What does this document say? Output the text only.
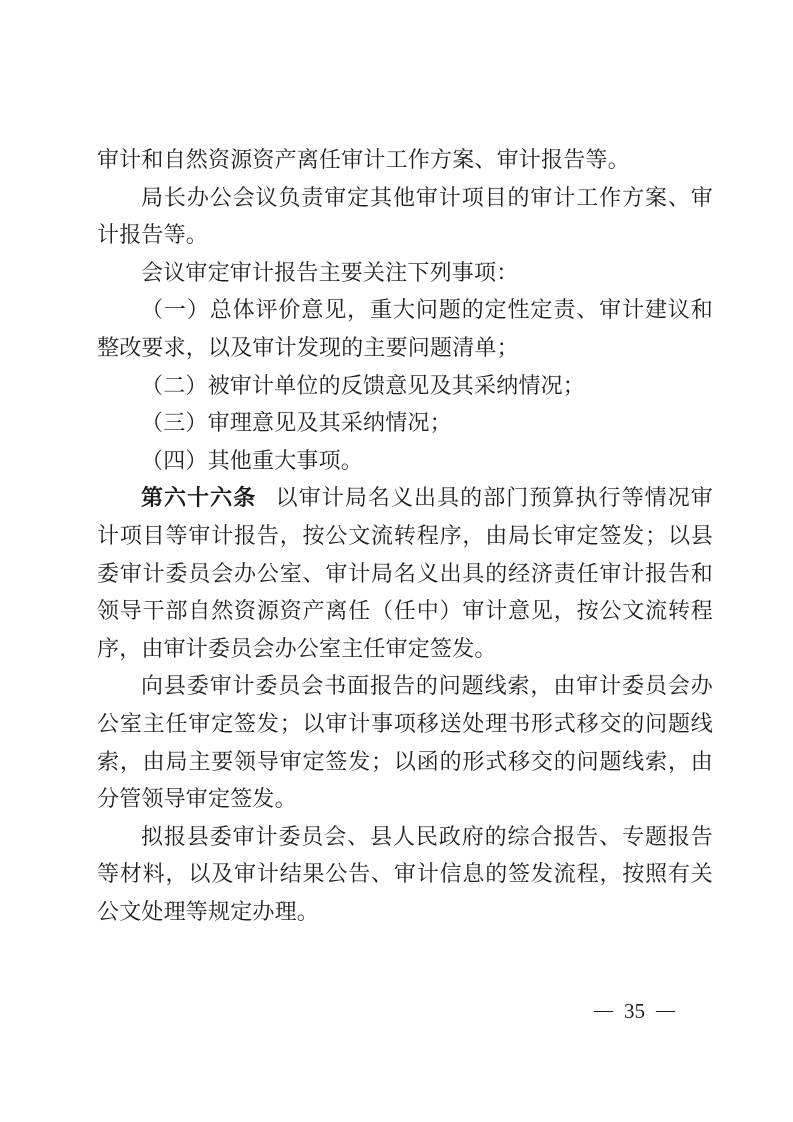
审计和自然资源资产离任审计工作方案、审计报告等。

局长办公会议负责审定其他审计项目的审计工作方案、审计报告等。

会议审定审计报告主要关注下列事项：

（一）总体评价意见，重大问题的定性定责、审计建议和整改要求，以及审计发现的主要问题清单；

（二）被审计单位的反馈意见及其采纳情况；

（三）审理意见及其采纳情况；

（四）其他重大事项。

第六十六条 以审计局名义出具的部门预算执行等情况审计项目等审计报告，按公文流转程序，由局长审定签发；以县委审计委员会办公室、审计局名义出具的经济责任审计报告和领导干部自然资源资产离任（任中）审计意见，按公文流转程序，由审计委员会办公室主任审定签发。

向县委审计委员会书面报告的问题线索，由审计委员会办公室主任审定签发；以审计事项移送处理书形式移交的问题线索，由局主要领导审定签发；以函的形式移交的问题线索，由分管领导审定签发。

拟报县委审计委员会、县人民政府的综合报告、专题报告等材料，以及审计结果公告、审计信息的签发流程，按照有关公文处理等规定办理。

— 35 —
